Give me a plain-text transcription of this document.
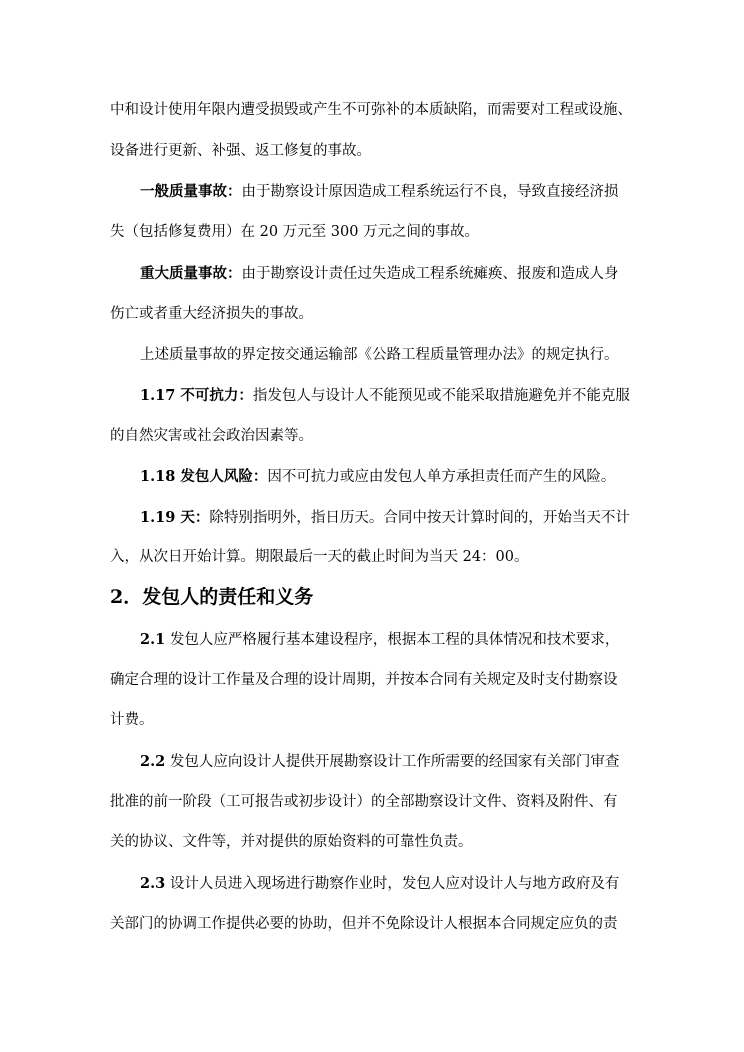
中和设计使用年限内遭受损毁或产生不可弥补的本质缺陷，而需要对工程或设施、
设备进行更新、补强、返工修复的事故。
一般质量事故：由于勘察设计原因造成工程系统运行不良，导致直接经济损
失（包括修复费用）在 20 万元至 300 万元之间的事故。
重大质量事故：由于勘察设计责任过失造成工程系统瘫痪、报废和造成人身
伤亡或者重大经济损失的事故。
上述质量事故的界定按交通运输部《公路工程质量管理办法》的规定执行。
1.17 不可抗力：指发包人与设计人不能预见或不能采取措施避免并不能克服
的自然灾害或社会政治因素等。
1.18 发包人风险：因不可抗力或应由发包人单方承担责任而产生的风险。
1.19 天：除特别指明外，指日历天。合同中按天计算时间的，开始当天不计
入，从次日开始计算。期限最后一天的截止时间为当天 24：00。
2．发包人的责任和义务
2.1 发包人应严格履行基本建设程序，根据本工程的具体情况和技术要求，
确定合理的设计工作量及合理的设计周期，并按本合同有关规定及时支付勘察设
计费。
2.2 发包人应向设计人提供开展勘察设计工作所需要的经国家有关部门审查
批准的前一阶段（工可报告或初步设计）的全部勘察设计文件、资料及附件、有
关的协议、文件等，并对提供的原始资料的可靠性负责。
2.3 设计人员进入现场进行勘察作业时，发包人应对设计人与地方政府及有
关部门的协调工作提供必要的协助，但并不免除设计人根据本合同规定应负的责
